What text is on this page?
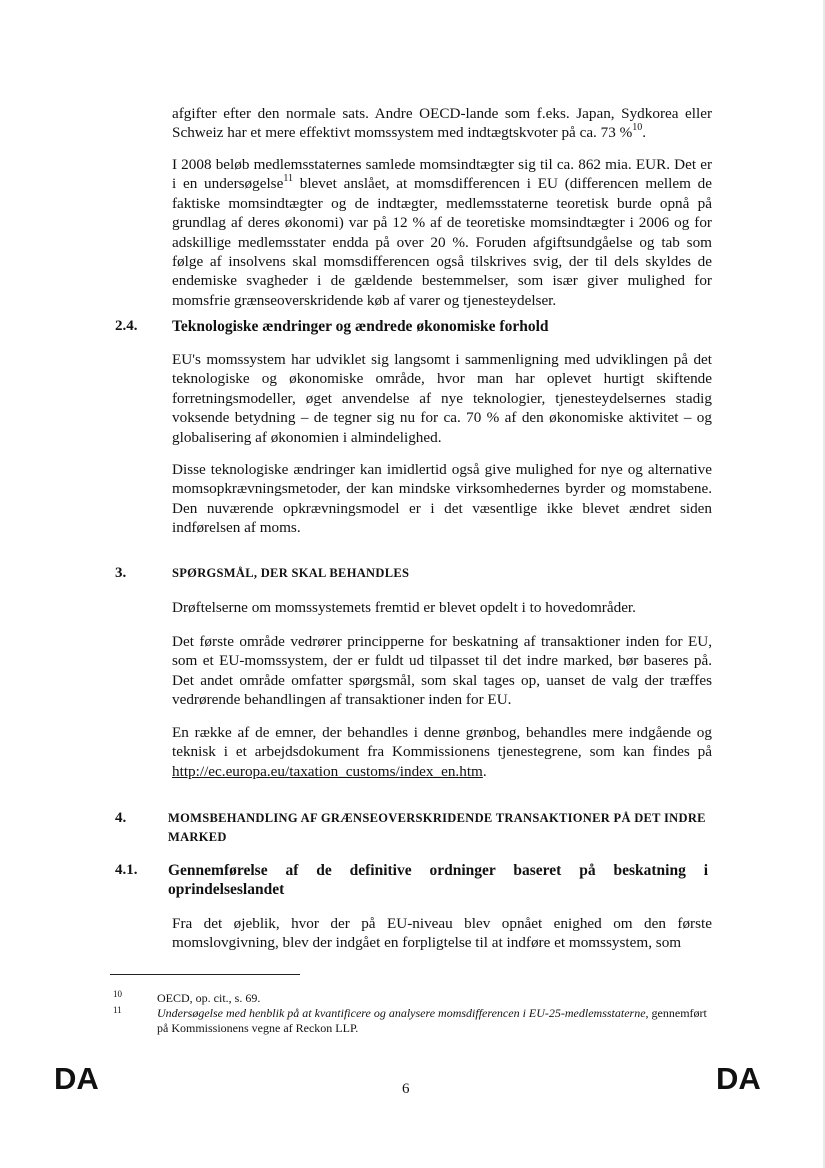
afgifter efter den normale sats. Andre OECD-lande som f.eks. Japan, Sydkorea eller Schweiz har et mere effektivt momssystem med indtægtskvoter på ca. 73 %$^{10}$.

I 2008 beløb medlemsstaternes samlede momsindtægter sig til ca. 862 mia. EUR. Det er i en undersøgelse$^{11}$ blevet anslået, at momsdifferencen i EU (differencen mellem de faktiske momsindtægter og de indtægter, medlemsstaterne teoretisk burde opnå på grundlag af deres økonomi) var på 12 % af de teoretiske momsindtægter i 2006 og for adskillige medlemsstater endda på over 20 %. Foruden afgiftsundgåelse og tab som følge af insolvens skal momsdifferencen også tilskrives svig, der til dels skyldes de endemiske svagheder i de gældende bestemmelser, som især giver mulighed for momsfrie grænseoverskridende køb af varer og tjenesteydelser.

2.4. Teknologiske ændringer og ændrede økonomiske forhold

EU's momssystem har udviklet sig langsomt i sammenligning med udviklingen på det teknologiske og økonomiske område, hvor man har oplevet hurtigt skiftende forretningsmodeller, øget anvendelse af nye teknologier, tjenesteydelsernes stadig voksende betydning – de tegner sig nu for ca. 70 % af den økonomiske aktivitet – og globalisering af økonomien i almindelighed.

Disse teknologiske ændringer kan imidlertid også give mulighed for nye og alternative momsopkrævningsmetoder, der kan mindske virksomhedernes byrder og momstabene. Den nuværende opkrævningsmodel er i det væsentlige ikke blevet ændret siden indførelsen af moms.

3.	SPØRGSMÅL, DER SKAL BEHANDLES

Drøftelserne om momssystemets fremtid er blevet opdelt i to hovedområder.

Det første område vedrører principperne for beskatning af transaktioner inden for EU, som et EU-momssystem, der er fuldt ud tilpasset til det indre marked, bør baseres på. Det andet område omfatter spørgsmål, som skal tages op, uanset de valg der træffes vedrørende behandlingen af transaktioner inden for EU.

En række af de emner, der behandles i denne grønbog, behandles mere indgående og teknisk i et arbejdsdokument fra Kommissionens tjenestegrene, som kan findes på http://ec.europa.eu/taxation_customs/index_en.htm.

4.	MOMSBEHANDLING AF GRÆNSEOVERSKRIDENDE TRANSAKTIONER PÅ DET INDRE MARKED
4.1. Gennemførelse af de definitive ordninger baseret på beskatning i oprindelseslandet

Fra det øjeblik, hvor der på EU-niveau blev opnået enighed om den første momslovgivning, blev der indgået en forpligtelse til at indføre et momssystem, som

10	OECD, op. cit., s. 69.
11	Undersøgelse med henblik på at kvantificere og analysere momsdifferencen i EU-25-medlemsstaterne, gennemført på Kommissionens vegne af Reckon LLP.
DA	6	DA
